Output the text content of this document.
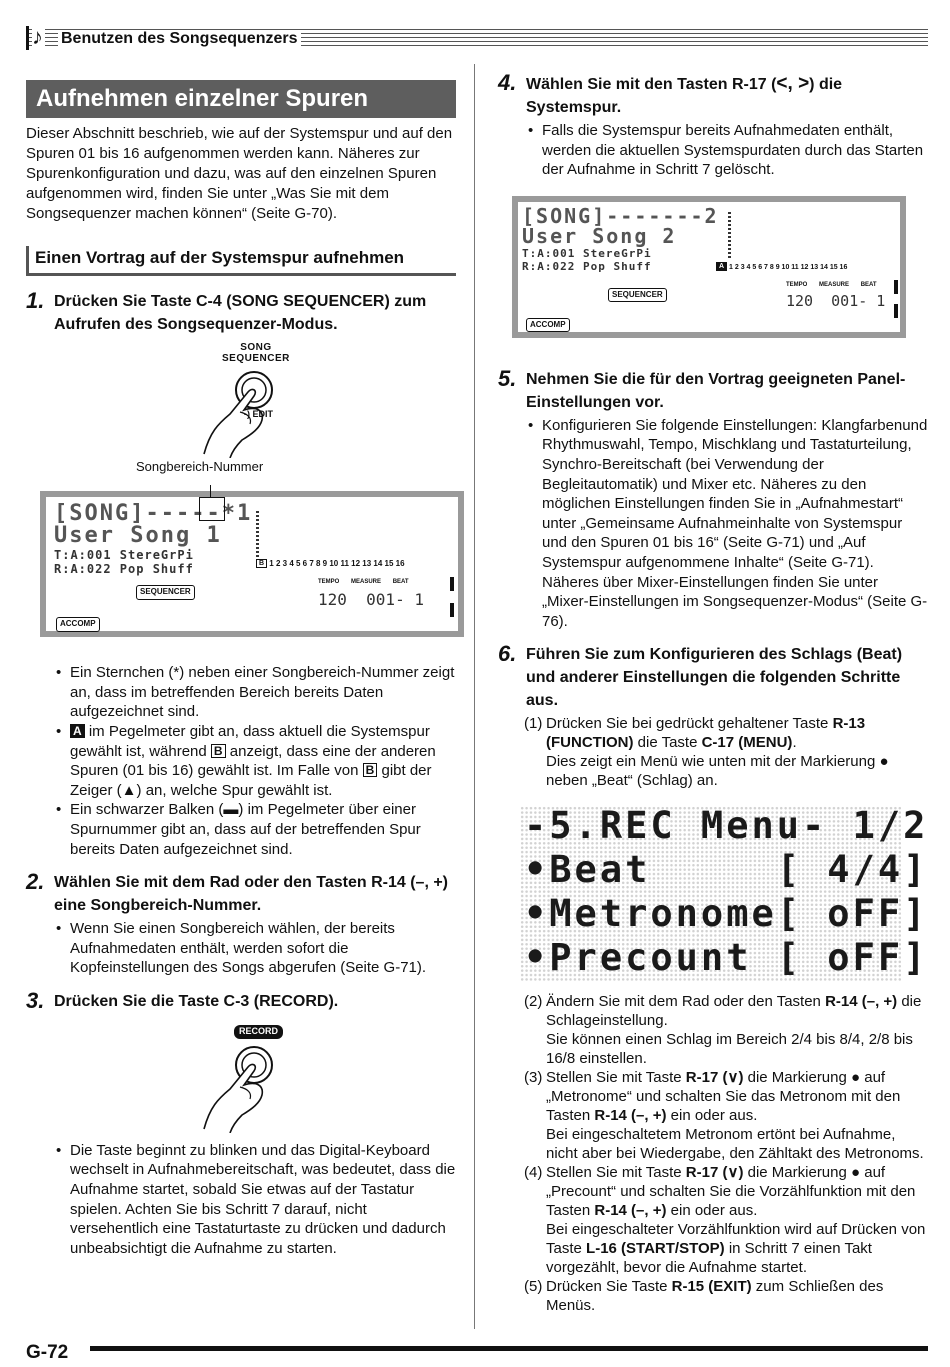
♪ Benutzen des Songsequenzers
Aufnehmen einzelner Spuren

Dieser Abschnitt beschrieb, wie auf der Systemspur und auf den Spuren 01 bis 16 aufgenommen werden kann. Näheres zur Spurenkonfiguration und dazu, was auf den einzelnen Spuren aufgenommen wird, finden Sie unter „Was Sie mit dem Songsequenzer machen können“ (Seite G-70).

Einen Vortrag auf der Systemspur aufnehmen
1. Drücken Sie Taste C-4 (SONG SEQUENCER) zum Aufrufen des Songsequenzer-Modus.
SONG
SEQUENCER
-) EDIT
Songbereich-Nummer
[SONG]-----*1
User Song 1
T:A:001 StereGrPi
R:A:022 Pop Shuff	B 1 2 3 4 5 6 7 8 9 10 11 12 13 14 15 16
SEQUENCER
ACCOMP
TEMPO MEASURE BEAT
120  001- 1
• Ein Sternchen (*) neben einer Songbereich-Nummer zeigt an, dass im betreffenden Bereich bereits Daten aufgezeichnet sind.
• A im Pegelmeter gibt an, dass aktuell die Systemspur gewählt ist, während B anzeigt, dass eine der anderen Spuren (01 bis 16) gewählt ist. Im Falle von B gibt der Zeiger (▲) an, welche Spur gewählt ist.
• Ein schwarzer Balken (▬) im Pegelmeter über einer Spurnummer gibt an, dass auf der betreffenden Spur bereits Daten aufgezeichnet sind.
2. Wählen Sie mit dem Rad oder den Tasten R-14 (–, +) eine Songbereich-Nummer.
• Wenn Sie einen Songbereich wählen, der bereits Aufnahmedaten enthält, werden sofort die Kopfeinstellungen des Songs abgerufen (Seite G-71).
3. Drücken Sie die Taste C-3 (RECORD).
RECORD
• Die Taste beginnt zu blinken und das Digital-Keyboard wechselt in Aufnahmebereitschaft, was bedeutet, dass die Aufnahme startet, sobald Sie etwas auf der Tastatur spielen. Achten Sie bis Schritt 7 darauf, nicht versehentlich eine Tastaturtaste zu drücken und dadurch unbeabsichtigt die Aufnahme zu starten.
4. Wählen Sie mit den Tasten R-17 (<, >) die Systemspur.
• Falls die Systemspur bereits Aufnahmedaten enthält, werden die aktuellen Systemspurdaten durch das Starten der Aufnahme in Schritt 7 gelöscht.
[SONG]-------2
User Song 2
T:A:001 StereGrPi
R:A:022 Pop Shuff	A 1 2 3 4 5 6 7 8 9 10 11 12 13 14 15 16
SEQUENCER
ACCOMP
TEMPO MEASURE BEAT
120  001- 1
5. Nehmen Sie die für den Vortrag geeigneten Panel-Einstellungen vor.
• Konfigurieren Sie folgende Einstellungen: Klangfarbenund Rhythmuswahl, Tempo, Mischklang und Tastaturteilung, Synchro-Bereitschaft (bei Verwendung der Begleitautomatik) und Mixer etc. Näheres zu den möglichen Einstellungen finden Sie in „Aufnahmestart“ unter „Gemeinsame Aufnahmeinhalte von Systemspur und den Spuren 01 bis 16“ (Seite G-71) und „Auf Systemspur aufgenommene Inhalte“ (Seite G-71). Näheres über Mixer-Einstellungen finden Sie unter „Mixer-Einstellungen im Songsequenzer-Modus“ (Seite G-76).
6. Führen Sie zum Konfigurieren des Schlags (Beat) und anderer Einstellungen die folgenden Schritte aus.
(1) Drücken Sie bei gedrückt gehaltener Taste R-13 (FUNCTION) die Taste C-17 (MENU).
Dies zeigt ein Menü wie unten mit der Markierung ● neben „Beat“ (Schlag) an.
-5.REC Menu- 1/2
•Beat     [ 4/4]
•Metronome[ oFF]
•Precount [ oFF]
(2) Ändern Sie mit dem Rad oder den Tasten R-14 (–, +) die Schlageinstellung.
Sie können einen Schlag im Bereich 2/4 bis 8/4, 2/8 bis 16/8 einstellen.
(3) Stellen Sie mit Taste R-17 (∨) die Markierung ● auf „Metronome“ und schalten Sie das Metronom mit den Tasten R-14 (–, +) ein oder aus.
Bei eingeschaltetem Metronom ertönt bei Aufnahme, nicht aber bei Wiedergabe, den Zähltakt des Metronoms.
(4) Stellen Sie mit Taste R-17 (∨) die Markierung ● auf „Precount“ und schalten Sie die Vorzählfunktion mit den Tasten R-14 (–, +) ein oder aus.
Bei eingeschalteter Vorzählfunktion wird auf Drücken von Taste L-16 (START/STOP) in Schritt 7 einen Takt vorgezählt, bevor die Aufnahme startet.
(5) Drücken Sie Taste R-15 (EXIT) zum Schließen des Menüs.
G-72
